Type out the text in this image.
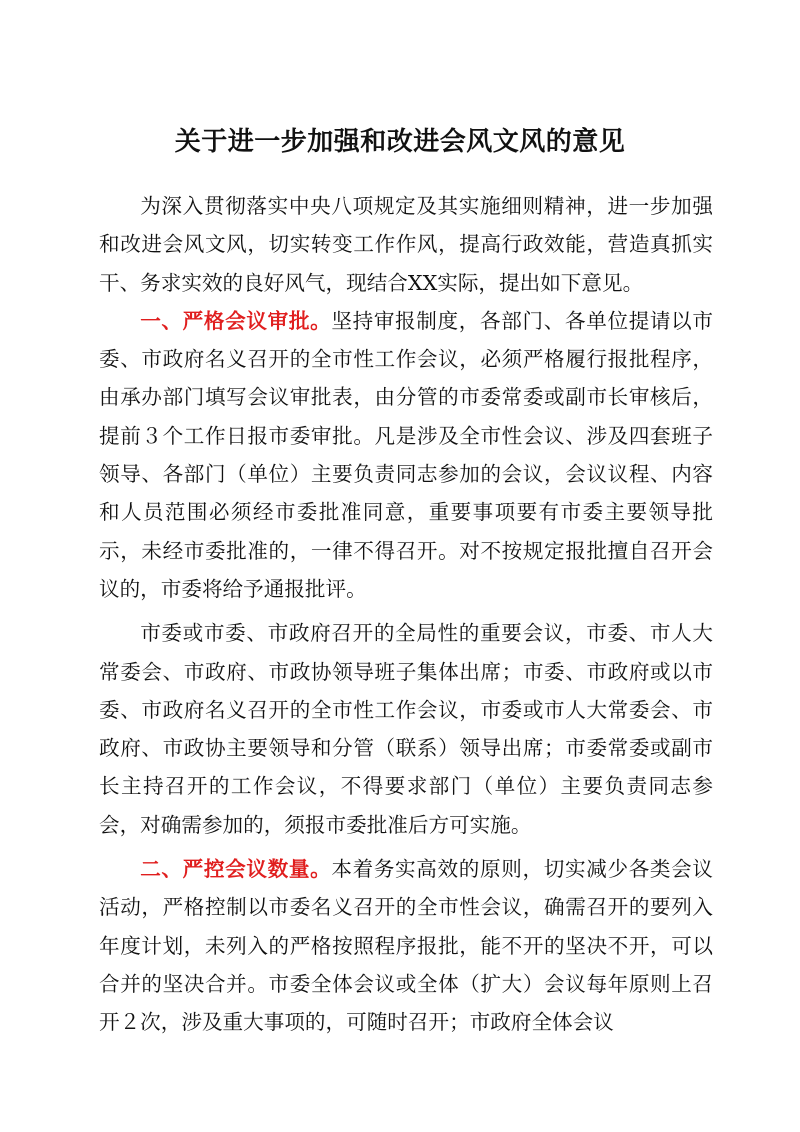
关于进一步加强和改进会风文风的意见

为深入贯彻落实中央八项规定及其实施细则精神，进一步加强和改进会风文风，切实转变工作作风，提高行政效能，营造真抓实干、务求实效的良好风气，现结合XX实际，提出如下意见。

一、严格会议审批。坚持审报制度，各部门、各单位提请以市委、市政府名义召开的全市性工作会议，必须严格履行报批程序，由承办部门填写会议审批表，由分管的市委常委或副市长审核后，提前３个工作日报市委审批。凡是涉及全市性会议、涉及四套班子领导、各部门（单位）主要负责同志参加的会议，会议议程、内容和人员范围必须经市委批准同意，重要事项要有市委主要领导批示，未经市委批准的，一律不得召开。对不按规定报批擅自召开会议的，市委将给予通报批评。

市委或市委、市政府召开的全局性的重要会议，市委、市人大常委会、市政府、市政协领导班子集体出席；市委、市政府或以市委、市政府名义召开的全市性工作会议，市委或市人大常委会、市政府、市政协主要领导和分管（联系）领导出席；市委常委或副市长主持召开的工作会议，不得要求部门（单位）主要负责同志参会，对确需参加的，须报市委批准后方可实施。

二、严控会议数量。本着务实高效的原则，切实减少各类会议活动，严格控制以市委名义召开的全市性会议，确需召开的要列入年度计划，未列入的严格按照程序报批，能不开的坚决不开，可以合并的坚决合并。市委全体会议或全体（扩大）会议每年原则上召开２次，涉及重大事项的，可随时召开；市政府全体会议
